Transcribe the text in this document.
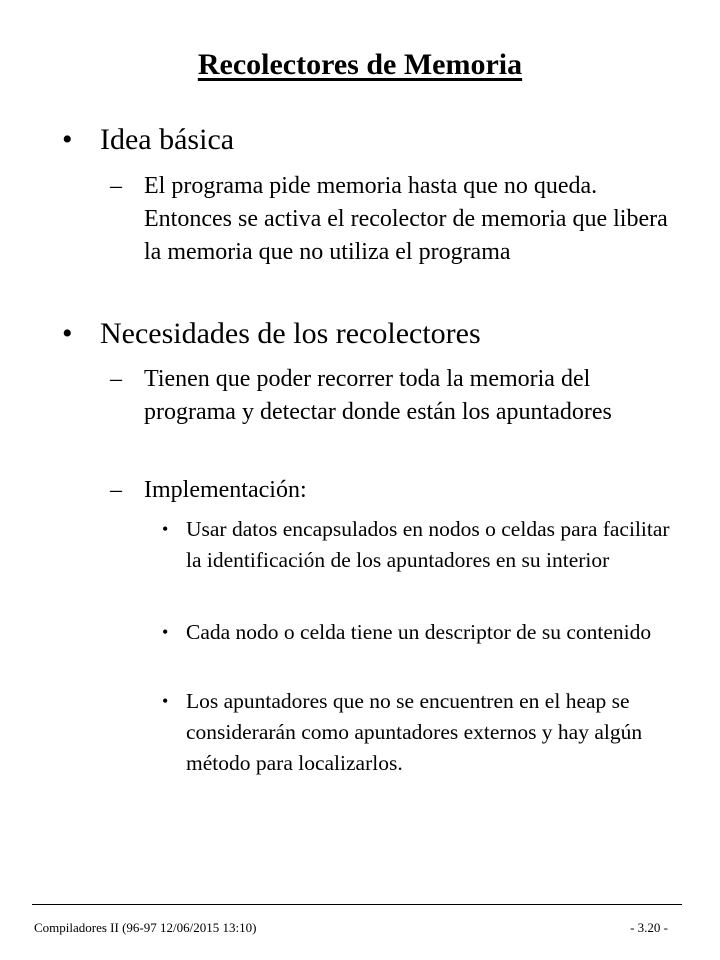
Recolectores de Memoria
• Idea básica
– El programa pide memoria hasta que no queda. Entonces se activa el recolector de memoria que libera la memoria que no utiliza el programa
• Necesidades de los recolectores
– Tienen que poder recorrer toda la memoria del programa y detectar donde están los apuntadores
– Implementación:
• Usar datos encapsulados en nodos o celdas para facilitar la identificación de los apuntadores en su interior
• Cada nodo o celda tiene un descriptor de su contenido
• Los apuntadores que no se encuentren en el heap se considerarán como apuntadores externos y hay algún método para localizarlos.
Compiladores II (96-97 12/06/2015 13:10)	- 3.20 -
